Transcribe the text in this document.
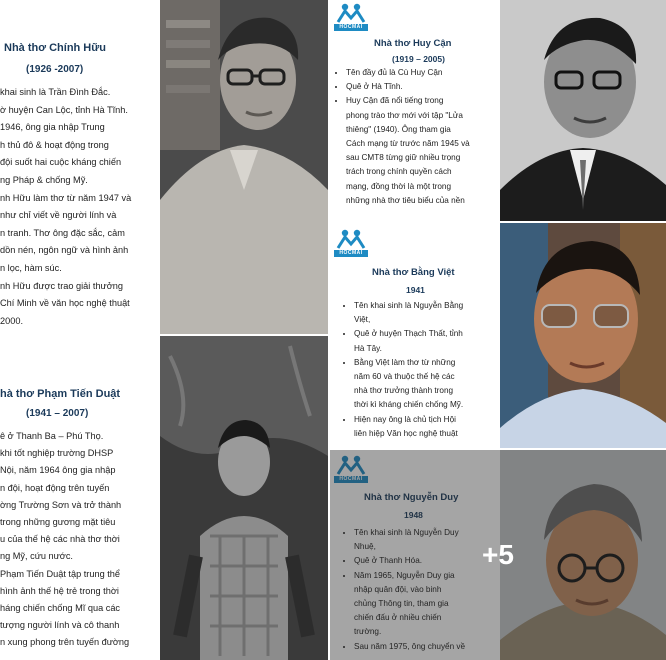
Nhà thơ Chính Hữu
(1926 -2007)
khai sinh là Trần Đình Đắc.
ờ huyện Can Lộc, tỉnh Hà Tĩnh.
1946, ông gia nhập Trung
h thủ đô & hoạt động trong
đội suốt hai cuộc kháng chiến
ng Pháp & chống Mỹ.
nh Hữu làm thơ từ năm 1947 và
như chỉ viết về người lính và
n tranh. Thơ ông đặc sắc, cảm
dồn nén, ngôn ngữ và hình ảnh
n lọc, hàm súc.
nh Hữu được trao giải thưởng
Chí Minh về văn học nghệ thuật
2000.
HOCMAI
Nhà thơ Huy Cận
(1919 – 2005)
• Tên đầy đủ là Cù Huy Cận
• Quê ở Hà Tĩnh.
• Huy Cận đã nổi tiếng trong
phong trào thơ mới với tập "Lửa
thiêng" (1940). Ông tham gia
Cách mạng từ trước năm 1945 và
sau CMT8 từng giữ nhiều trọng
trách trong chính quyền cách
mạng, đồng thời là một trong
những nhà thơ tiêu biểu của nền
HOCMAI
Nhà thơ Bằng Việt
1941
• Tên khai sinh là Nguyễn Bằng
Việt,
• Quê ở huyện Thạch Thất, tỉnh
Hà Tây.
• Bằng Việt làm thơ từ những
năm 60 và thuộc thế hệ các
nhà thơ trưởng thành trong
thời kì kháng chiến chống Mỹ.
• Hiện nay ông là chủ tịch Hội
liên hiệp Văn học nghệ thuật
hà thơ Phạm Tiến Duật
(1941 – 2007)
ê ở Thanh Ba – Phú Thọ.
khi tốt nghiệp trường DHSP
Nội, năm 1964 ông gia nhập
n đội, hoạt động trên tuyến
ờng Trường Sơn và trở thành
trong những gương mặt tiêu
u của thế hệ các nhà thơ thời
ng Mỹ, cứu nước.
Phạm Tiến Duật tập trung thể
hình ảnh thế hệ trẻ trong thời
háng chiến chống Mĩ qua các
tượng người lính và cô thanh
n xung phong trên tuyến đường
HOCMAI
Nhà thơ Nguyễn Duy
1948
• Tên khai sinh là Nguyễn Duy
Nhuệ,
• Quê ở Thanh Hóa.
• Năm 1965, Nguyễn Duy gia
nhập quân đội, vào binh
chủng Thông tin, tham gia
chiến đấu ở nhiều chiến
trường.
• Sau năm 1975, ông chuyển về
+5
